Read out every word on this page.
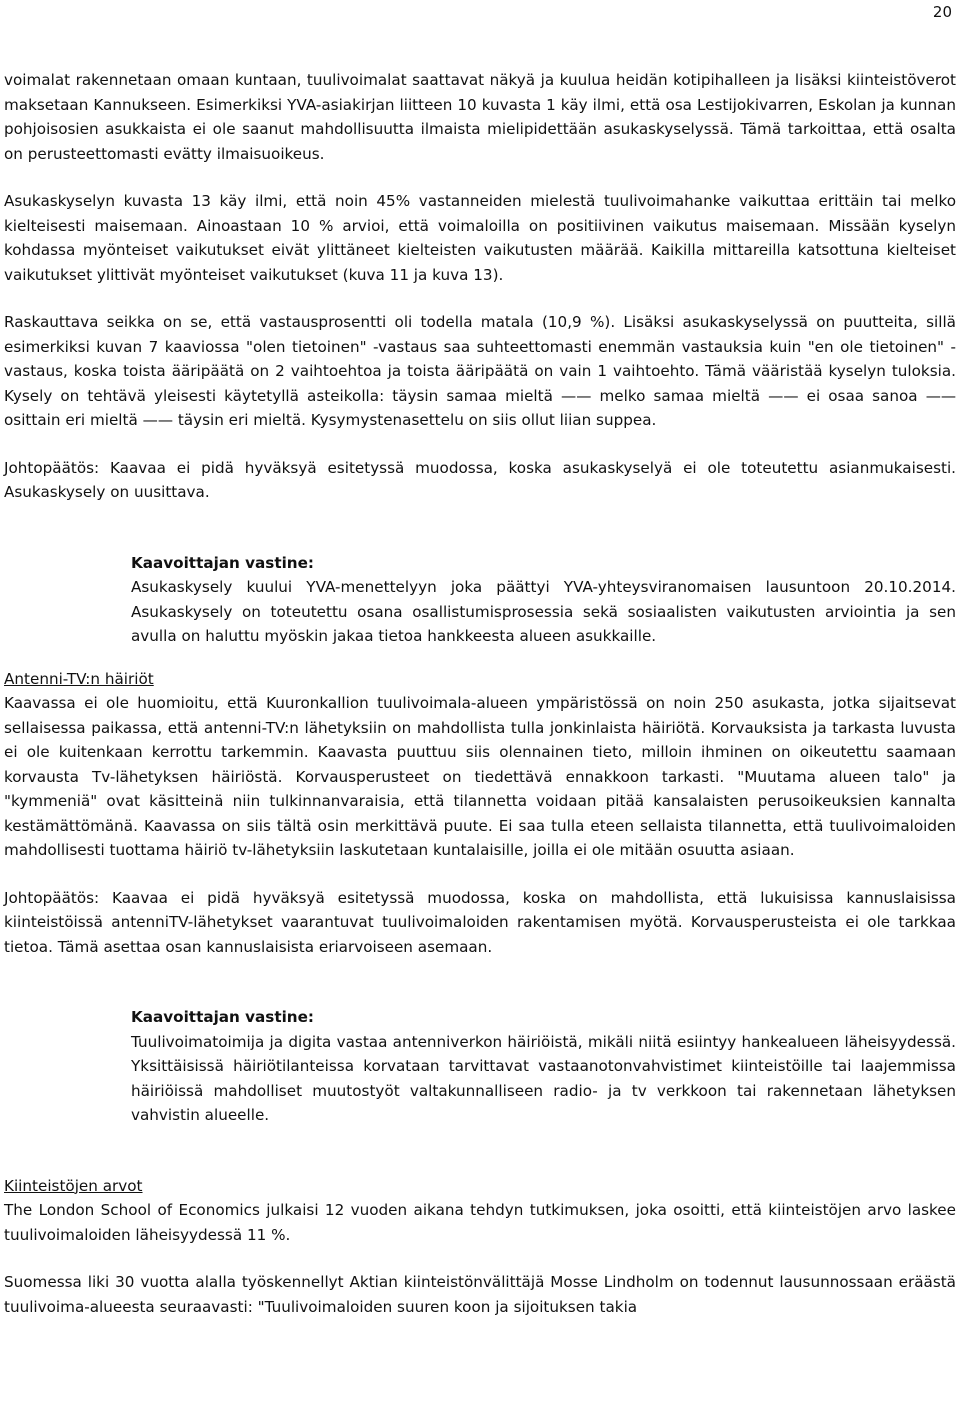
20

voimalat rakennetaan omaan kuntaan, tuulivoimalat saattavat näkyä ja kuulua heidän kotipihalleen ja lisäksi kiinteistöverot maksetaan Kannukseen. Esimerkiksi YVA-asiakirjan liitteen 10 kuvasta 1 käy ilmi, että osa Lestijokivarren, Eskolan ja kunnan pohjoisosien asukkaista ei ole saanut mahdollisuutta ilmaista mielipidettään asukaskyselyssä. Tämä tarkoittaa, että osalta on perusteettomasti evätty ilmaisuoikeus.

Asukaskyselyn kuvasta 13 käy ilmi, että noin 45% vastanneiden mielestä tuulivoimahanke vaikuttaa erittäin tai melko kielteisesti maisemaan. Ainoastaan 10 % arvioi, että voimaloilla on positiivinen vaikutus maisemaan. Missään kyselyn kohdassa myönteiset vaikutukset eivät ylittäneet kielteisten vaikutusten määrää. Kaikilla mittareilla katsottuna kielteiset vaikutukset ylittivät myönteiset vaikutukset (kuva 11 ja kuva 13).

Raskauttava seikka on se, että vastausprosentti oli todella matala (10,9 %). Lisäksi asukaskyselyssä on puutteita, sillä esimerkiksi kuvan 7 kaaviossa "olen tietoinen" -vastaus saa suhteettomasti enemmän vastauksia kuin "en ole tietoinen" -vastaus, koska toista ääripäätä on 2 vaihtoehtoa ja toista ääripäätä on vain 1 vaihtoehto. Tämä vääristää kyselyn tuloksia. Kysely on tehtävä yleisesti käytetyllä asteikolla: täysin samaa mieltä —— melko samaa mieltä —— ei osaa sanoa —— osittain eri mieltä —— täysin eri mieltä. Kysymystenasettelu on siis ollut liian suppea.

Johtopäätös: Kaavaa ei pidä hyväksyä esitetyssä muodossa, koska asukaskyselyä ei ole toteutettu asianmukaisesti. Asukaskysely on uusittava.

Kaavoittajan vastine:

Asukaskysely kuului YVA-menettelyyn joka päättyi YVA-yhteysviranomaisen lausuntoon 20.10.2014. Asukaskysely on toteutettu osana osallistumisprosessia sekä sosiaalisten vaikutusten arviointia ja sen avulla on haluttu myöskin jakaa tietoa hankkeesta alueen asukkaille.

Antenni-TV:n häiriöt

Kaavassa ei ole huomioitu, että Kuuronkallion tuulivoimala-alueen ympäristössä on noin 250 asukasta, jotka sijaitsevat sellaisessa paikassa, että antenni-TV:n lähetyksiin on mahdollista tulla jonkinlaista häiriötä. Korvauksista ja tarkasta luvusta ei ole kuitenkaan kerrottu tarkemmin. Kaavasta puuttuu siis olennainen tieto, milloin ihminen on oikeutettu saamaan korvausta Tv-lähetyksen häiriöstä. Korvausperusteet on tiedettävä ennakkoon tarkasti. "Muutama alueen talo" ja "kymmeniä" ovat käsitteinä niin tulkinnanvaraisia, että tilannetta voidaan pitää kansalaisten perusoikeuksien kannalta kestämättömänä. Kaavassa on siis tältä osin merkittävä puute. Ei saa tulla eteen sellaista tilannetta, että tuulivoimaloiden mahdollisesti tuottama häiriö tv-lähetyksiin laskutetaan kuntalaisille, joilla ei ole mitään osuutta asiaan.

Johtopäätös: Kaavaa ei pidä hyväksyä esitetyssä muodossa, koska on mahdollista, että lukuisissa kannuslaisissa kiinteistöissä antenniTV-lähetykset vaarantuvat tuulivoimaloiden rakentamisen myötä. Korvausperusteista ei ole tarkkaa tietoa. Tämä asettaa osan kannuslaisista eriarvoiseen asemaan.

Kaavoittajan vastine:

Tuulivoimatoimija ja digita vastaa antenniverkon häiriöistä, mikäli niitä esiintyy hankealueen läheisyydessä. Yksittäisissä häiriötilanteissa korvataan tarvittavat vastaanotonvahvistimet kiinteistöille tai laajemmissa häiriöissä mahdolliset muutostyöt valtakunnalliseen radio- ja tv verkkoon tai rakennetaan lähetyksen vahvistin alueelle.

Kiinteistöjen arvot

The London School of Economics julkaisi 12 vuoden aikana tehdyn tutkimuksen, joka osoitti, että kiinteistöjen arvo laskee tuulivoimaloiden läheisyydessä 11 %.

Suomessa liki 30 vuotta alalla työskennellyt Aktian kiinteistönvälittäjä Mosse Lindholm on todennut lausunnossaan eräästä tuulivoima-alueesta seuraavasti: "Tuulivoimaloiden suuren koon ja sijoituksen takia
